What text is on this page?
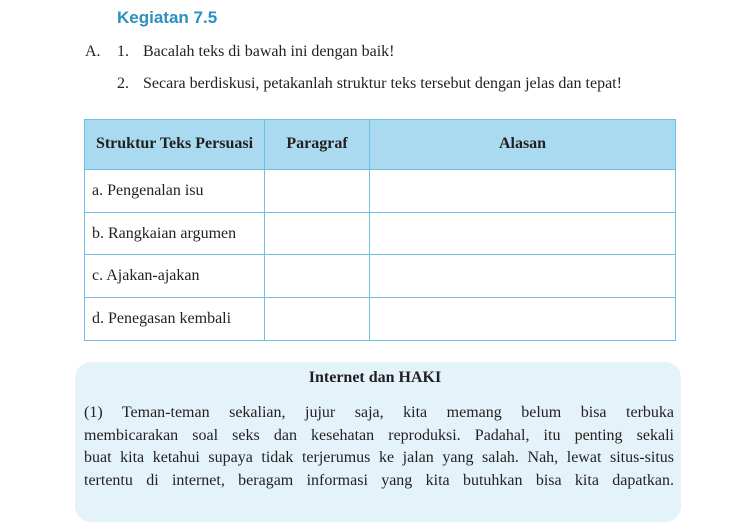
Kegiatan 7.5
A. 1. Bacalah teks di bawah ini dengan baik!
2. Secara berdiskusi, petakanlah struktur teks tersebut dengan jelas dan tepat!
Struktur Teks Persuasi	Paragraf	Alasan
a. Pengenalan isu		
b. Rangkaian argumen		
c. Ajakan-ajakan		
d. Penegasan kembali		
Internet dan HAKI
(1) Teman-teman sekalian, jujur saja, kita memang belum bisa terbuka
membicarakan soal seks dan kesehatan reproduksi. Padahal, itu penting sekali
buat kita ketahui supaya tidak terjerumus ke jalan yang salah. Nah, lewat situs-situs
tertentu di internet, beragam informasi yang kita butuhkan bisa kita dapatkan.
